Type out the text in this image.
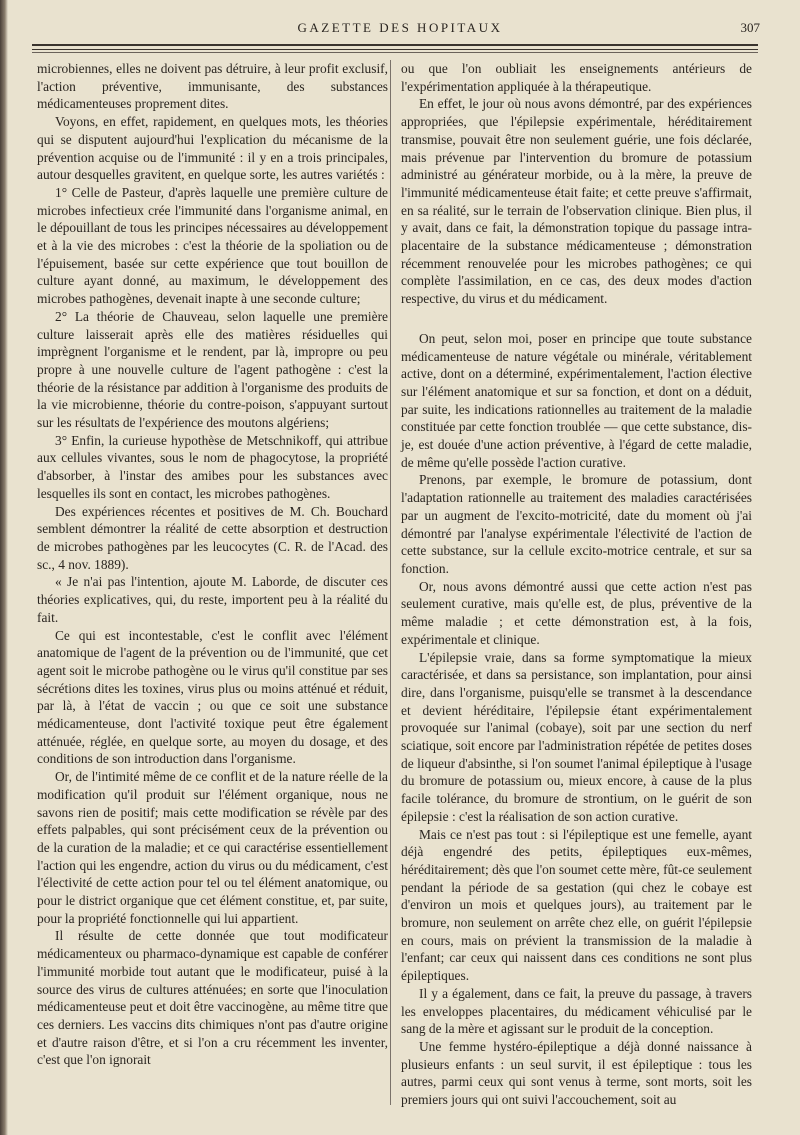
GAZETTE DES HOPITAUX	307

microbiennes, elles ne doivent pas détruire, à leur profit exclusif, l'action préventive, immunisante, des substances médicamenteuses proprement dites.

Voyons, en effet, rapidement, en quelques mots, les théories qui se disputent aujourd'hui l'explication du mécanisme de la prévention acquise ou de l'immunité : il y en a trois principales, autour desquelles gravitent, en quelque sorte, les autres variétés :

1° Celle de Pasteur, d'après laquelle une première culture de microbes infectieux crée l'immunité dans l'organisme animal, en le dépouillant de tous les principes nécessaires au développement et à la vie des microbes : c'est la théorie de la spoliation ou de l'épuisement, basée sur cette expérience que tout bouillon de culture ayant donné, au maximum, le développement des microbes pathogènes, devenait inapte à une seconde culture;

2° La théorie de Chauveau, selon laquelle une première culture laisserait après elle des matières résiduelles qui imprègnent l'organisme et le rendent, par là, impropre ou peu propre à une nouvelle culture de l'agent pathogène : c'est la théorie de la résistance par addition à l'organisme des produits de la vie microbienne, théorie du contre-poison, s'appuyant surtout sur les résultats de l'expérience des moutons algériens;

3° Enfin, la curieuse hypothèse de Metschnikoff, qui attribue aux cellules vivantes, sous le nom de phagocytose, la propriété d'absorber, à l'instar des amibes pour les substances avec lesquelles ils sont en contact, les microbes pathogènes.

Des expériences récentes et positives de M. Ch. Bouchard semblent démontrer la réalité de cette absorption et destruction de microbes pathogènes par les leucocytes (C. R. de l'Acad. des sc., 4 nov. 1889).

« Je n'ai pas l'intention, ajoute M. Laborde, de discuter ces théories explicatives, qui, du reste, importent peu à la réalité du fait.

Ce qui est incontestable, c'est le conflit avec l'élément anatomique de l'agent de la prévention ou de l'immunité, que cet agent soit le microbe pathogène ou le virus qu'il constitue par ses sécrétions dites les toxines, virus plus ou moins atténué et réduit, par là, à l'état de vaccin ; ou que ce soit une substance médicamenteuse, dont l'activité toxique peut être également atténuée, réglée, en quelque sorte, au moyen du dosage, et des conditions de son introduction dans l'organisme.

Or, de l'intimité même de ce conflit et de la nature réelle de la modification qu'il produit sur l'élément organique, nous ne savons rien de positif; mais cette modification se révèle par des effets palpables, qui sont précisément ceux de la prévention ou de la curation de la maladie; et ce qui caractérise essentiellement l'action qui les engendre, action du virus ou du médicament, c'est l'électivité de cette action pour tel ou tel élément anatomique, ou pour le district organique que cet élément constitue, et, par suite, pour la propriété fonctionnelle qui lui appartient.

Il résulte de cette donnée que tout modificateur médicamenteux ou pharmaco-dynamique est capable de conférer l'immunité morbide tout autant que le modificateur, puisé à la source des virus de cultures atténuées; en sorte que l'inoculation médicamenteuse peut et doit être vaccinogène, au même titre que ces derniers. Les vaccins dits chimiques n'ont pas d'autre origine et d'autre raison d'être, et si l'on a cru récemment les inventer, c'est que l'on ignorait

ou que l'on oubliait les enseignements antérieurs de l'expérimentation appliquée à la thérapeutique.

En effet, le jour où nous avons démontré, par des expériences appropriées, que l'épilepsie expérimentale, héréditairement transmise, pouvait être non seulement guérie, une fois déclarée, mais prévenue par l'intervention du bromure de potassium administré au générateur morbide, ou à la mère, la preuve de l'immunité médicamenteuse était faite; et cette preuve s'affirmait, en sa réalité, sur le terrain de l'observation clinique. Bien plus, il y avait, dans ce fait, la démonstration topique du passage intra-placentaire de la substance médicamenteuse ; démonstration récemment renouvelée pour les microbes pathogènes; ce qui complète l'assimilation, en ce cas, des deux modes d'action respective, du virus et du médicament.

On peut, selon moi, poser en principe que toute substance médicamenteuse de nature végétale ou minérale, véritablement active, dont on a déterminé, expérimentalement, l'action élective sur l'élément anatomique et sur sa fonction, et dont on a déduit, par suite, les indications rationnelles au traitement de la maladie constituée par cette fonction troublée — que cette substance, dis-je, est douée d'une action préventive, à l'égard de cette maladie, de même qu'elle possède l'action curative.

Prenons, par exemple, le bromure de potassium, dont l'adaptation rationnelle au traitement des maladies caractérisées par un augment de l'excito-motricité, date du moment où j'ai démontré par l'analyse expérimentale l'électivité de l'action de cette substance, sur la cellule excito-motrice centrale, et sur sa fonction.

Or, nous avons démontré aussi que cette action n'est pas seulement curative, mais qu'elle est, de plus, préventive de la même maladie ; et cette démonstration est, à la fois, expérimentale et clinique.

L'épilepsie vraie, dans sa forme symptomatique la mieux caractérisée, et dans sa persistance, son implantation, pour ainsi dire, dans l'organisme, puisqu'elle se transmet à la descendance et devient héréditaire, l'épilepsie étant expérimentalement provoquée sur l'animal (cobaye), soit par une section du nerf sciatique, soit encore par l'administration répétée de petites doses de liqueur d'absinthe, si l'on soumet l'animal épileptique à l'usage du bromure de potassium ou, mieux encore, à cause de la plus facile tolérance, du bromure de strontium, on le guérit de son épilepsie : c'est la réalisation de son action curative.

Mais ce n'est pas tout : si l'épileptique est une femelle, ayant déjà engendré des petits, épileptiques eux-mêmes, héréditairement; dès que l'on soumet cette mère, fût-ce seulement pendant la période de sa gestation (qui chez le cobaye est d'environ un mois et quelques jours), au traitement par le bromure, non seulement on arrête chez elle, on guérit l'épilepsie en cours, mais on prévient la transmission de la maladie à l'enfant; car ceux qui naissent dans ces conditions ne sont plus épileptiques.

Il y a également, dans ce fait, la preuve du passage, à travers les enveloppes placentaires, du médicament véhiculisé par le sang de la mère et agissant sur le produit de la conception.

Une femme hystéro-épileptique a déjà donné naissance à plusieurs enfants : un seul survit, il est épileptique : tous les autres, parmi ceux qui sont venus à terme, sont morts, soit les premiers jours qui ont suivi l'accouchement, soit au
